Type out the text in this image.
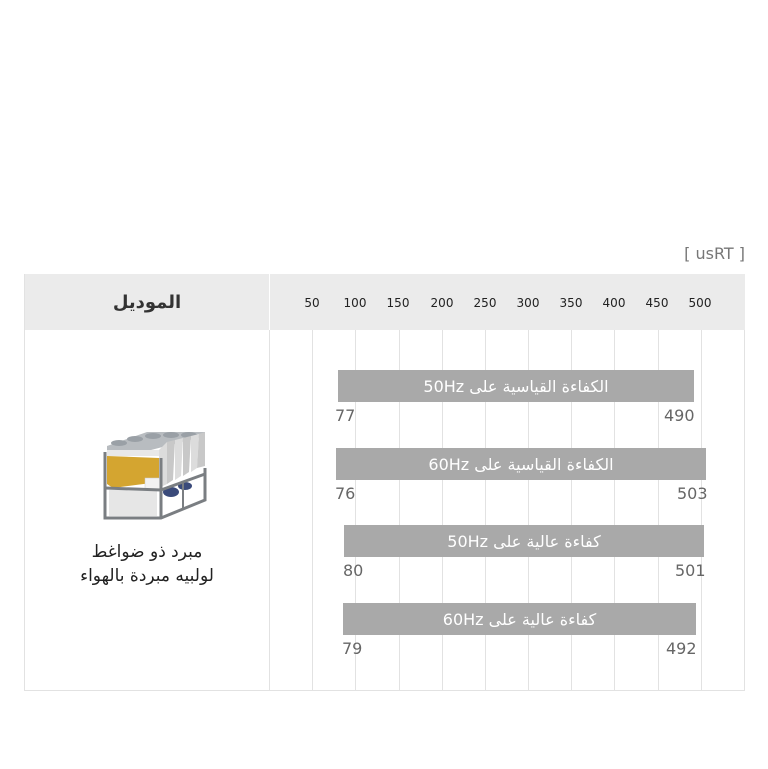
[ usRT ]
الموديل	50 100 150 200 250 300 350 400 450 500
مبرد ذو ضواغط
لولبيه مبردة بالهواء
الكفاءة القياسية على 50Hz
77	490
الكفاءة القياسية على 60Hz
76	503
كفاءة عالية على 50Hz
80	501
كفاءة عالية على 60Hz
79	492
